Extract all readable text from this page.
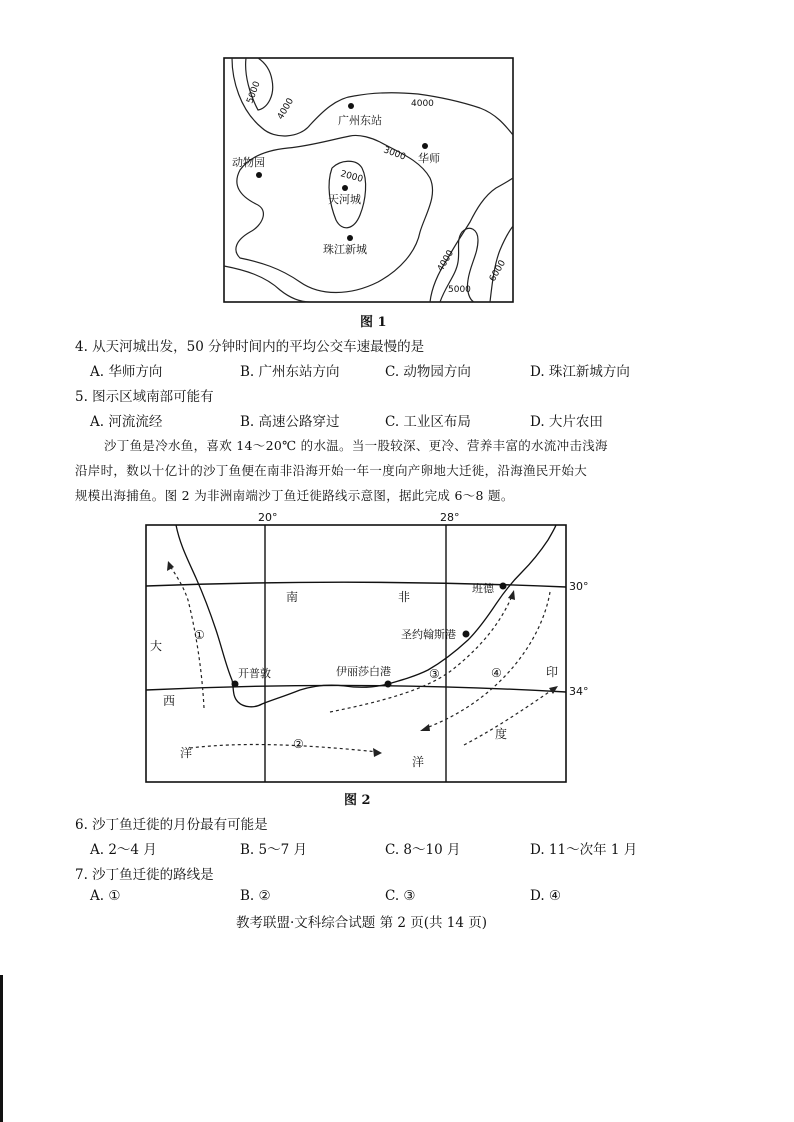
广州东站
华师
动物园
天河城
珠江新城
5000
4000	4000
3000
2000
4000
5000
6000
图 1
4. 从天河城出发，50 分钟时间内的平均公交车速最慢的是
A. 华师方向	B. 广州东站方向	C. 动物园方向	D. 珠江新城方向
5. 图示区域南部可能有
A. 河流流经	B. 高速公路穿过	C. 工业区布局	D. 大片农田
沙丁鱼是冷水鱼，喜欢 14～20℃ 的水温。当一股较深、更冷、营养丰富的水流冲击浅海
沿岸时，数以十亿计的沙丁鱼便在南非沿海开始一年一度向产卵地大迁徙，沿海渔民开始大
规模出海捕鱼。图 2 为非洲南端沙丁鱼迁徙路线示意图，据此完成 6～8 题。
20°	28°
30°
34°
班德
圣约翰斯港
开普敦	伊丽莎白港
南	非
大
西
洋
印
度
洋
①
②
③	④
图 2
6. 沙丁鱼迁徙的月份最有可能是
A. 2～4 月	B. 5～7 月	C. 8～10 月	D. 11～次年 1 月
7. 沙丁鱼迁徙的路线是
A. ①	B. ②	C. ③	D. ④
教考联盟·文科综合试题 第 2 页(共 14 页)
